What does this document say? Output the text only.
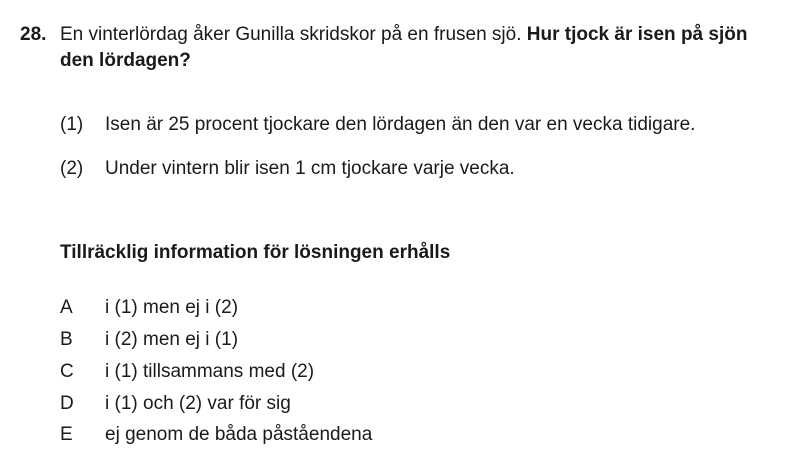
28. En vinterlördag åker Gunilla skridskor på en frusen sjö. Hur tjock är isen på sjön den lördagen?
(1) Isen är 25 procent tjockare den lördagen än den var en vecka tidigare.
(2) Under vintern blir isen 1 cm tjockare varje vecka.
Tillräcklig information för lösningen erhålls
A i (1) men ej i (2)
B i (2) men ej i (1)
C i (1) tillsammans med (2)
D i (1) och (2) var för sig
E ej genom de båda påståendena
